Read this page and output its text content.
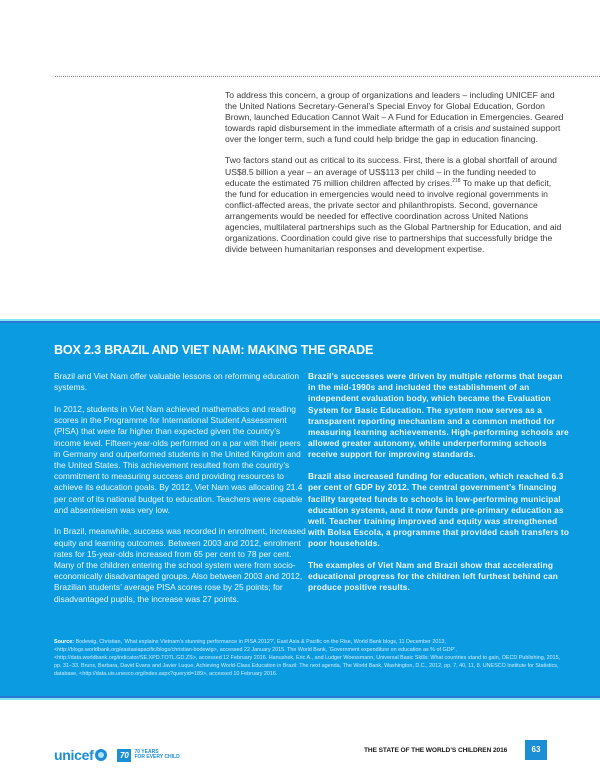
To address this concern, a group of organizations and leaders – including UNICEF and the United Nations Secretary-General’s Special Envoy for Global Education, Gordon Brown, launched Education Cannot Wait – A Fund for Education in Emergencies. Geared towards rapid disbursement in the immediate aftermath of a crisis and sustained support over the longer term, such a fund could help bridge the gap in education financing.

Two factors stand out as critical to its success. First, there is a global shortfall of around US$8.5 billion a year – an average of US$113 per child – in the funding needed to educate the estimated 75 million children affected by crises.$^{218}$ To make up that deficit, the fund for education in emergencies would need to involve regional governments in conflict-affected areas, the private sector and philanthropists. Second, governance arrangements would be needed for effective coordination across United Nations agencies, multilateral partnerships such as the Global Partnership for Education, and aid organizations. Coordination could give rise to partnerships that successfully bridge the divide between humanitarian responses and development expertise.

BOX 2.3 BRAZIL AND VIET NAM: MAKING THE GRADE

Brazil and Viet Nam offer valuable lessons on reforming education systems.

In 2012, students in Viet Nam achieved mathematics and reading scores in the Programme for International Student Assessment (PISA) that were far higher than expected given the country’s income level. Fifteen-year-olds performed on a par with their peers in Germany and outperformed students in the United Kingdom and the United States. This achievement resulted from the country’s commitment to measuring success and providing resources to achieve its education goals. By 2012, Viet Nam was allocating 21.4 per cent of its national budget to education. Teachers were capable and absenteeism was very low.

In Brazil, meanwhile, success was recorded in enrolment, increased equity and learning outcomes. Between 2003 and 2012, enrolment rates for 15-year-olds increased from 65 per cent to 78 per cent. Many of the children entering the school system were from socio-economically disadvantaged groups. Also between 2003 and 2012, Brazilian students’ average PISA scores rose by 25 points; for disadvantaged pupils, the increase was 27 points.

Brazil’s successes were driven by multiple reforms that began in the mid-1990s and included the establishment of an independent evaluation body, which became the Evaluation System for Basic Education. The system now serves as a transparent reporting mechanism and a common method for measuring learning achievements. High-performing schools are allowed greater autonomy, while underperforming schools receive support for improving standards.

Brazil also increased funding for education, which reached 6.3 per cent of GDP by 2012. The central government’s financing facility targeted funds to schools in low-performing municipal education systems, and it now funds pre-primary education as well. Teacher training improved and equity was strengthened with Bolsa Escola, a programme that provided cash transfers to poor households.

The examples of Viet Nam and Brazil show that accelerating educational progress for the children left furthest behind can produce positive results.

Source: Bodewig, Christian, ‘What explains Vietnam’s stunning performance in PISA 2012?’, East Asia & Pacific on the Rise, World Bank blogs, 11 December 2013, <http://blogs.worldbank.org/eastasiapacific/blogs/christian-bodewig>, accessed 22 January 2015. The World Bank, ‘Government expenditure on education as % of GDP’, <http://data.worldbank.org/indicator/SE.XPD.TOTL.GD.ZS>, accessed 12 February 2016. Hanushek, Eric A., and Ludger Woessmann, Universal Basic Skills: What countries stand to gain, OECD Publishing, 2015, pp. 31–33. Bruns, Barbara, David Evans and Javier Luque, Achieving World-Class Education in Brazil: The next agenda, The World Bank, Washington, D.C., 2012, pp. 7, 40, 11, 8. UNESCO Institute for Statistics, database, <http://data.uis.unesco.org/index.aspx?queryid=189>, accessed 10 February 2016.
unicef	70	70 YEARS
FOR EVERY CHILD
THE STATE OF THE WORLD’S CHILDREN 2016	63
